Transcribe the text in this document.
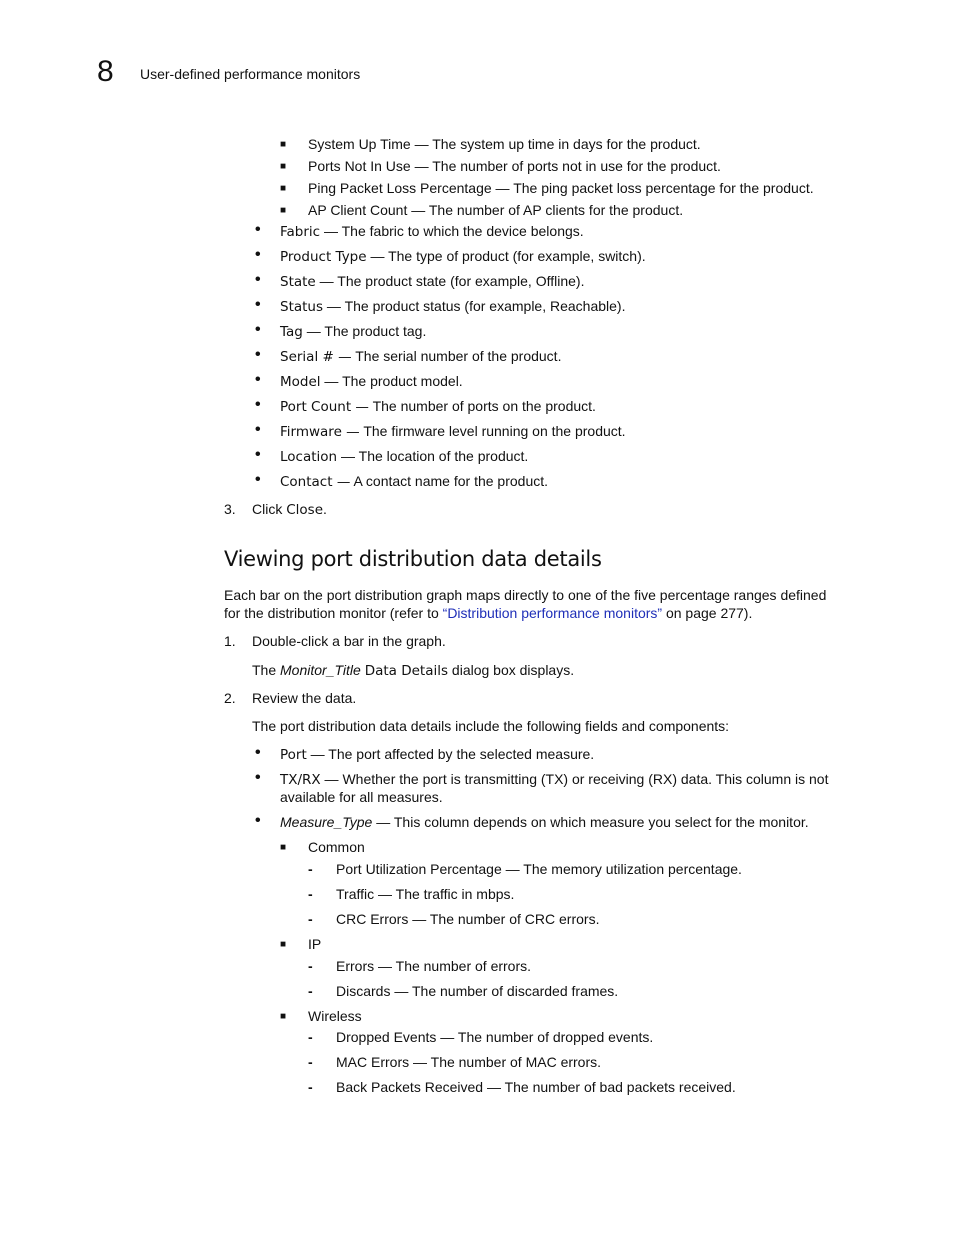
8 User-defined performance monitors
■ System Up Time — The system up time in days for the product.
■ Ports Not In Use — The number of ports not in use for the product.
■ Ping Packet Loss Percentage — The ping packet loss percentage for the product.
■ AP Client Count — The number of AP clients for the product.
• Fabric — The fabric to which the device belongs.
• Product Type — The type of product (for example, switch).
• State — The product state (for example, Offline).
• Status — The product status (for example, Reachable).
• Tag — The product tag.
• Serial # — The serial number of the product.
• Model — The product model.
• Port Count — The number of ports on the product.
• Firmware — The firmware level running on the product.
• Location — The location of the product.
• Contact — A contact name for the product.
3. Click Close.
Viewing port distribution data details
Each bar on the port distribution graph maps directly to one of the five percentage ranges defined
for the distribution monitor (refer to “Distribution performance monitors” on page 277).
1. Double-click a bar in the graph.
The Monitor_Title Data Details dialog box displays.
2. Review the data.
The port distribution data details include the following fields and components:
• Port — The port affected by the selected measure.
• TX/RX — Whether the port is transmitting (TX) or receiving (RX) data. This column is not
available for all measures.
• Measure_Type — This column depends on which measure you select for the monitor.
■ Common
- Port Utilization Percentage — The memory utilization percentage.
- Traffic — The traffic in mbps.
- CRC Errors — The number of CRC errors.
■ IP
- Errors — The number of errors.
- Discards — The number of discarded frames.
■ Wireless
- Dropped Events — The number of dropped events.
- MAC Errors — The number of MAC errors.
- Back Packets Received — The number of bad packets received.
